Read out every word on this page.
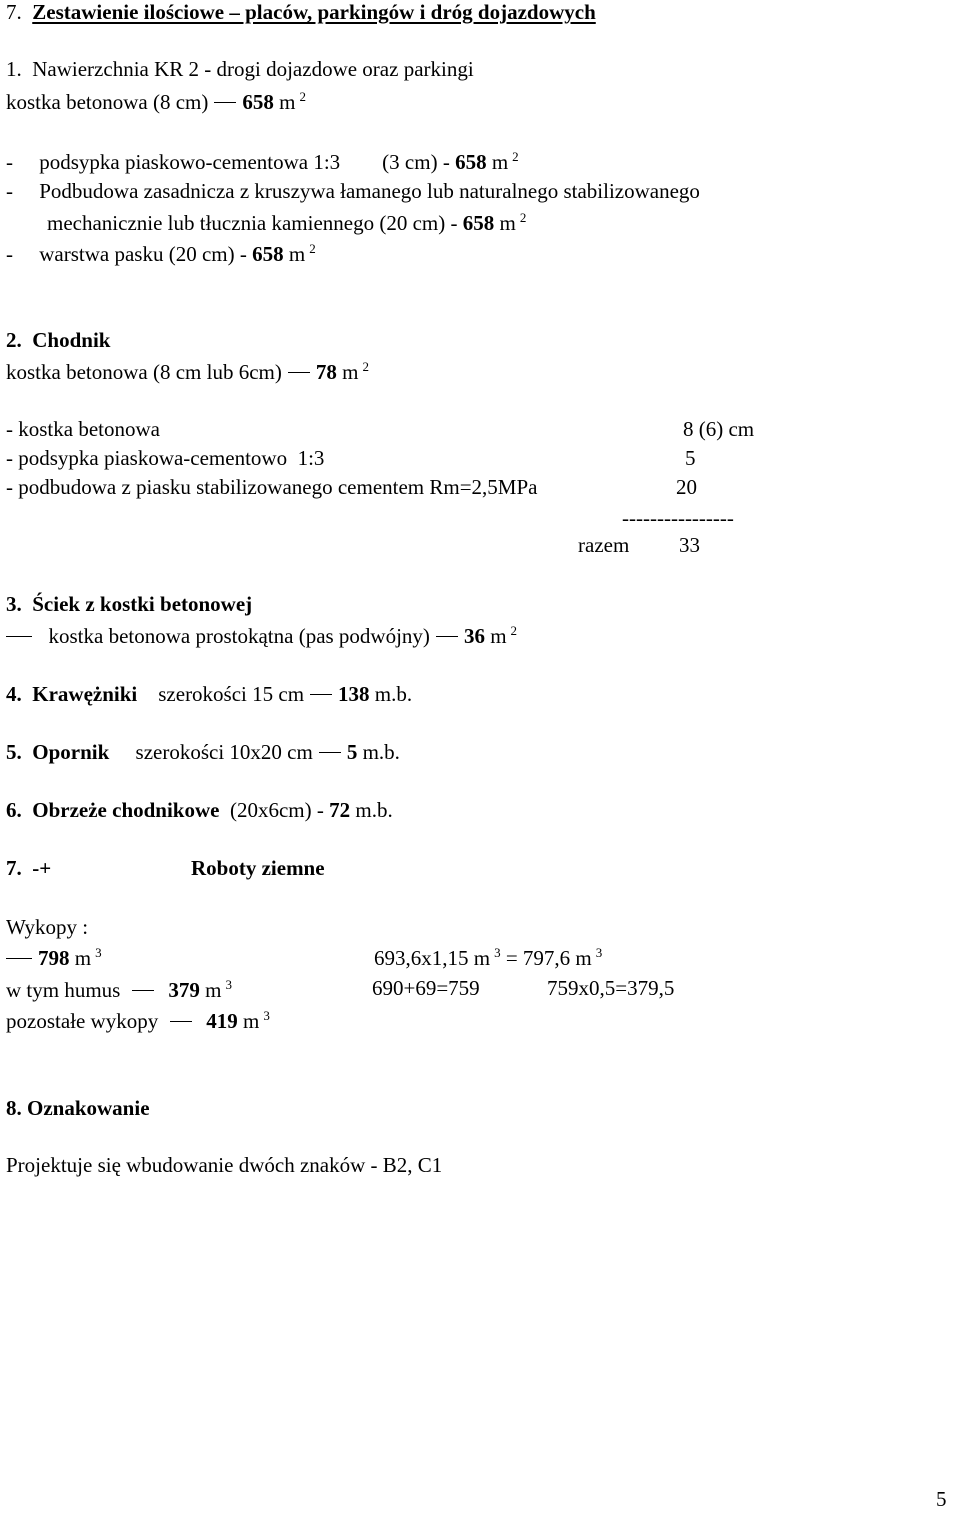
7. Zestawienie ilościowe – placów, parkingów i dróg dojazdowych
1. Nawierzchnia KR 2 - drogi dojazdowe oraz parkingi
kostka betonowa (8 cm) 658 m $^2$
-     podsypka piaskowo-cementowa 1:3        (3 cm) - 658 m $^2$
-     Podbudowa zasadnicza z kruszywa łamanego lub naturalnego stabilizowanego
mechanicznie lub tłucznia kamiennego (20 cm) - 658 m $^2$
-     warstwa pasku (20 cm) - 658 m $^2$
2.  Chodnik
kostka betonowa (8 cm lub 6cm) 78 m $^2$
- kostka betonowa	8 (6) cm
- podsypka piaskowa-cementowo  1:3	5
- podbudowa z piasku stabilizowanego cementem Rm=2,5MPa	20
----------------
razem 33
3.  Ściek z kostki betonowej
kostka betonowa prostokątna (pas podwójny) 36 m $^2$
4.  Krawężniki szerokości 15 cm 138 m.b.
5.  Opornik szerokości 10x20 cm 5 m.b.
6.  Obrzeże chodnikowe  (20x6cm) - 72 m.b.
7.  -+	Roboty ziemne
Wykopy :
798 m $^3$	693,6x1,15 m $^3$ = 797,6 m $^3$
w tym humus 379 m $^3$	690+69=759	759x0,5=379,5
pozostałe wykopy 419 m $^3$
8. Oznakowanie
Projektuje się wbudowanie dwóch znaków - B2, C1
5
